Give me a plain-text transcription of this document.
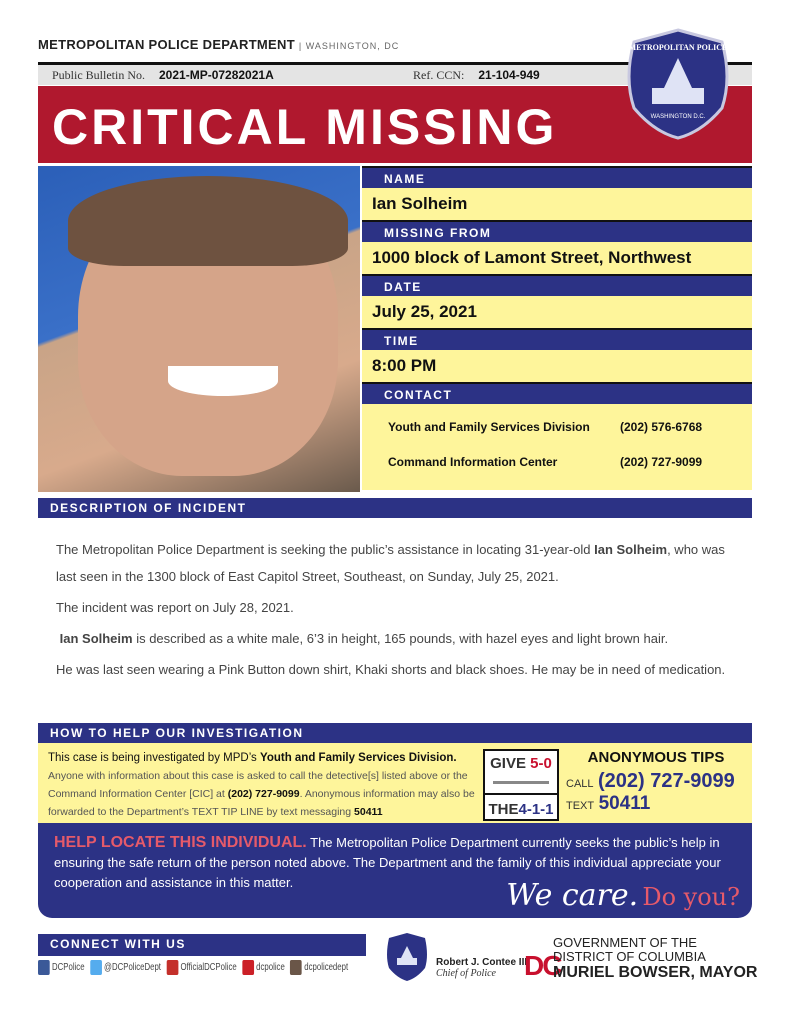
METROPOLITAN POLICE DEPARTMENT | WASHINGTON, DC
Public Bulletin No. 2021-MP-07282021A	Ref. CCN: 21-104-949
CRITICAL MISSING
METROPOLITAN POLICE
WASHINGTON D.C.
NAME
Ian Solheim
MISSING FROM
1000 block of Lamont Street, Northwest
DATE
July 25, 2021
TIME
8:00 PM
CONTACT
Youth and Family Services Division	(202) 576-6768
Command Information Center	(202) 727-9099
DESCRIPTION OF INCIDENT

The Metropolitan Police Department is seeking the public’s assistance in locating 31-year-old Ian Solheim, who was last seen in the 1300 block of East Capitol Street, Southeast, on Sunday, July 25, 2021.

The incident was report on July 28, 2021.

Ian Solheim is described as a white male, 6’3 in height, 165 pounds, with hazel eyes and light brown hair.

He was last seen wearing a Pink Button down shirt, Khaki shorts and black shoes. He may be in need of medication.

HOW TO HELP OUR INVESTIGATION
This case is being investigated by MPD’s Youth and Family Services Division.
Anyone with information about this case is asked to call the detective[s] listed above or the Command Information Center [CIC] at (202) 727-9099. Anonymous information may also be forwarded to the Department’s TEXT TIP LINE by text messaging 50411
GIVE 5-0
THE4-1-1
ANONYMOUS TIPS
CALL (202) 727-9099
TEXT 50411
HELP LOCATE THIS INDIVIDUAL. The Metropolitan Police Department currently seeks the public’s help in ensuring the safe return of the person noted above. The Department and the family of this individual appreciate your cooperation and assistance in this matter.	We care. Do you?
CONNECT WITH US
DCPolice	@DCPoliceDept	OfficialDCPolice	dcpolice	dcpolicedept	Robert J. Contee III
Chief of Police	DC
GOVERNMENT OF THE
DISTRICT OF COLUMBIA
MURIEL BOWSER, MAYOR
